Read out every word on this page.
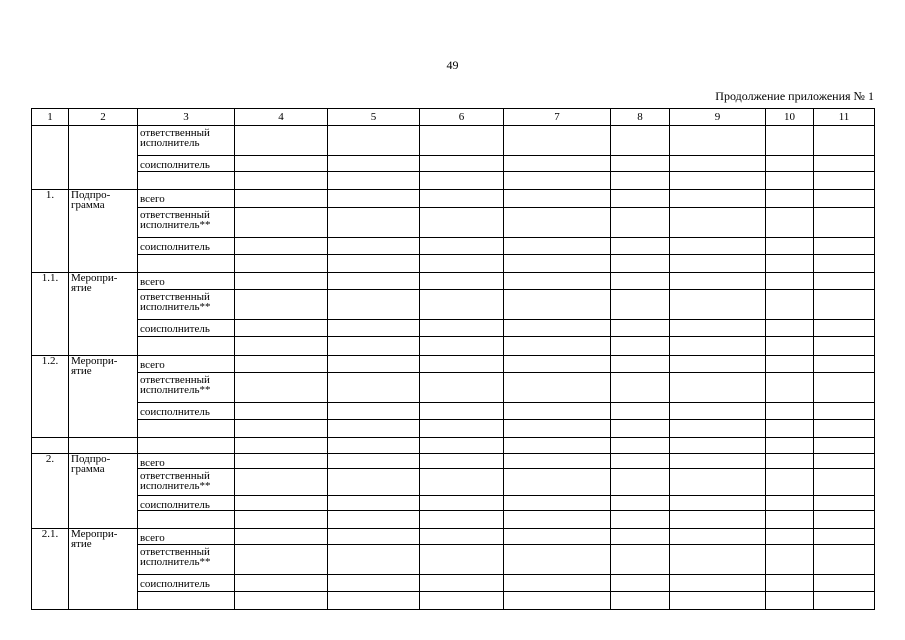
49
Продолжение приложения № 1
1	2	3	4	5	6	7	8	9	10	11

		ответственный исполнитель								

		соисполнитель								

1.	Подпро-грамма	всего								

		ответственный исполнитель**								

		соисполнитель								

1.1.	Меропри-ятие	всего								

		ответственный исполнитель**								

		соисполнитель								

1.2.	Меропри-ятие	всего								

		ответственный исполнитель**								

		соисполнитель								

2.	Подпро-грамма	всего								

		ответственный исполнитель**								

		соисполнитель								

2.1.	Меропри-ятие	всего								

		ответственный исполнитель**								

		соисполнитель								
